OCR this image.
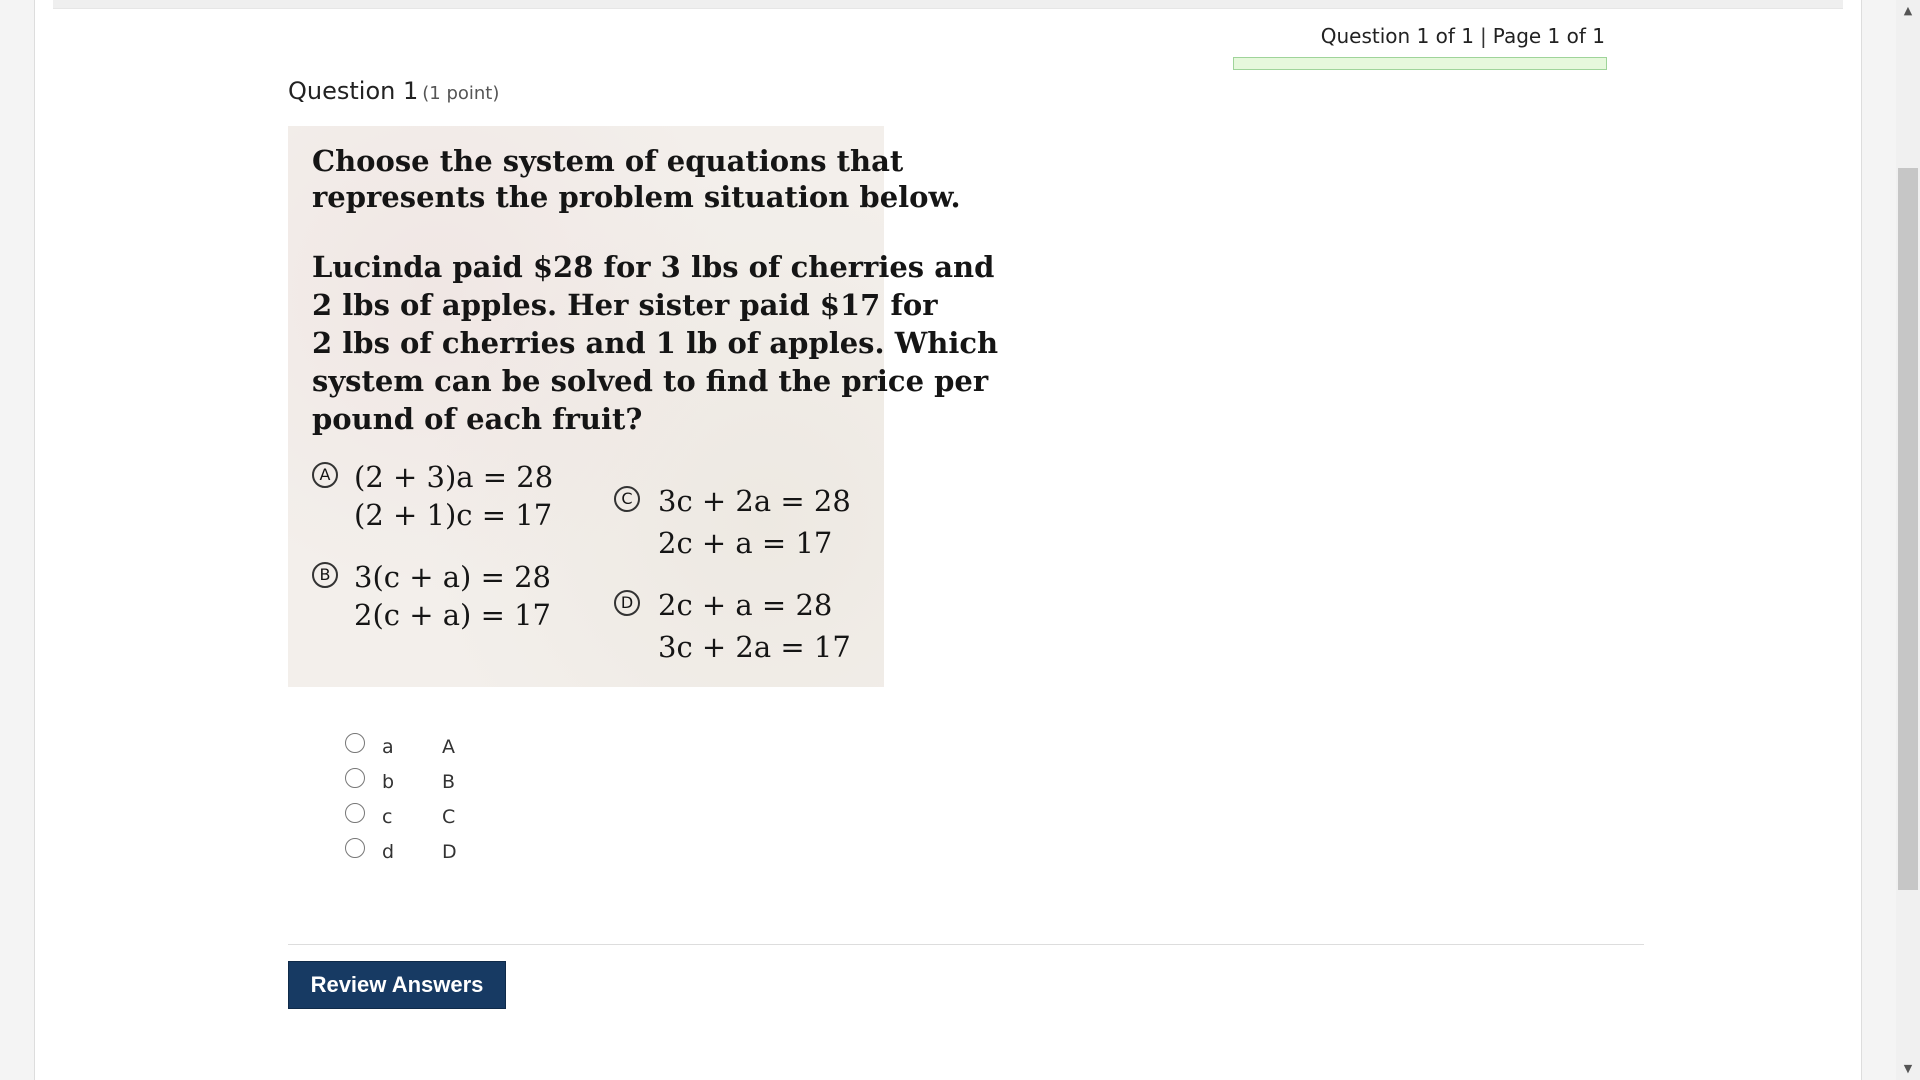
Question 1 of 1 | Page 1 of 1
Question 1 (1 point)
Choose the system of equations that
represents the problem situation below.
Lucinda paid $28 for 3 lbs of cherries and
2 lbs of apples. Her sister paid $17 for
2 lbs of cherries and 1 lb of apples. Which
system can be solved to find the price per
pound of each fruit?
A (2 + 3)a = 28
(2 + 1)c = 17
B 3(c + a) = 28
2(c + a) = 17
C 3c + 2a = 28
2c + a = 17
D 2c + a = 28
3c + 2a = 17
a	A
b	B
c	C
d	D
Review Answers
▲
▼
